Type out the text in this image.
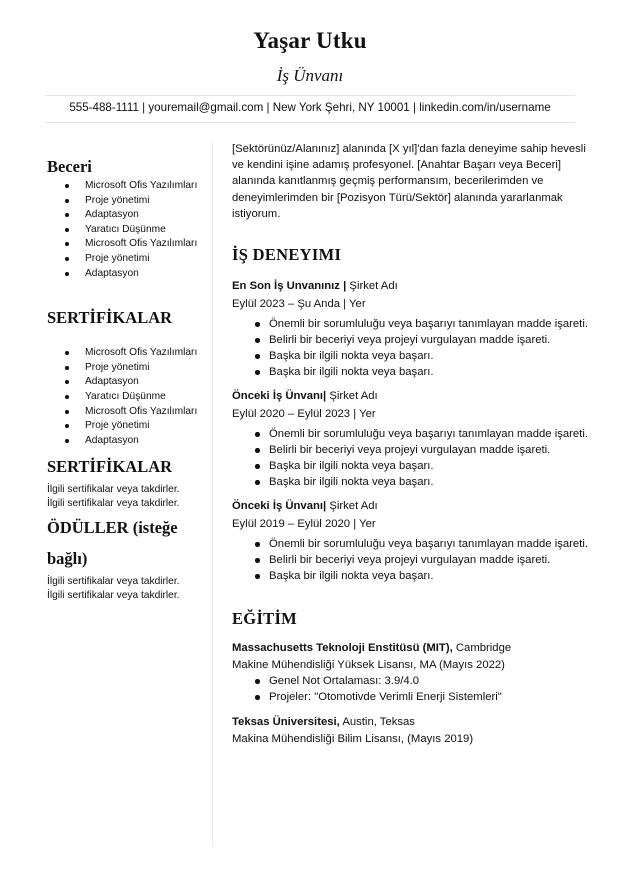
Yaşar Utku
İş Ünvanı
555-488-1111 | youremail@gmail.com | New York Şehri, NY 10001 | linkedin.com/in/username
Beceri
Microsoft Ofis Yazılımları
Proje yönetimi
Adaptasyon
Yaratıcı Düşünme
Microsoft Ofis Yazılımları
Proje yönetimi
Adaptasyon
SERTİFİKALAR
Microsoft Ofis Yazılımları
Proje yönetimi
Adaptasyon
Yaratıcı Düşünme
Microsoft Ofis Yazılımları
Proje yönetimi
Adaptasyon
SERTİFİKALAR
İlgili sertifikalar veya takdirler.
İlgili sertifikalar veya takdirler.
ÖDÜLLER (isteğe
bağlı)
İlgili sertifikalar veya takdirler.
İlgili sertifikalar veya takdirler.

[Sektörünüz/Alanınız] alanında [X yıl]'dan fazla deneyime sahip hevesli ve kendini işine adamış profesyonel. [Anahtar Başarı veya Beceri] alanında kanıtlanmış geçmiş performansım, becerilerimden ve deneyimlerimden bir [Pozisyon Türü/Sektör] alanında yararlanmak istiyorum.

İŞ DENEYIMI
En Son İş Unvanınız | Şirket Adı
Eylül 2023 – Şu Anda | Yer
Önemli bir sorumluluğu veya başarıyı tanımlayan madde işareti.
Belirli bir beceriyi veya projeyi vurgulayan madde işareti.
Başka bir ilgili nokta veya başarı.
Başka bir ilgili nokta veya başarı.
Önceki İş Ünvanı| Şirket Adı
Eylül 2020 – Eylül 2023 | Yer
Önemli bir sorumluluğu veya başarıyı tanımlayan madde işareti.
Belirli bir beceriyi veya projeyi vurgulayan madde işareti.
Başka bir ilgili nokta veya başarı.
Başka bir ilgili nokta veya başarı.
Önceki İş Ünvanı| Şirket Adı
Eylül 2019 – Eylül 2020 | Yer
Önemli bir sorumluluğu veya başarıyı tanımlayan madde işareti.
Belirli bir beceriyi veya projeyi vurgulayan madde işareti.
Başka bir ilgili nokta veya başarı.
EĞİTİM
Massachusetts Teknoloji Enstitüsü (MIT), Cambridge
Makine Mühendisliği Yüksek Lisansı, MA (Mayıs 2022)
Genel Not Ortalaması: 3.9/4.0
Projeler: "Otomotivde Verimli Enerji Sistemleri"
Teksas Üniversitesi, Austin, Teksas
Makina Mühendisliği Bilim Lisansı, (Mayıs 2019)
